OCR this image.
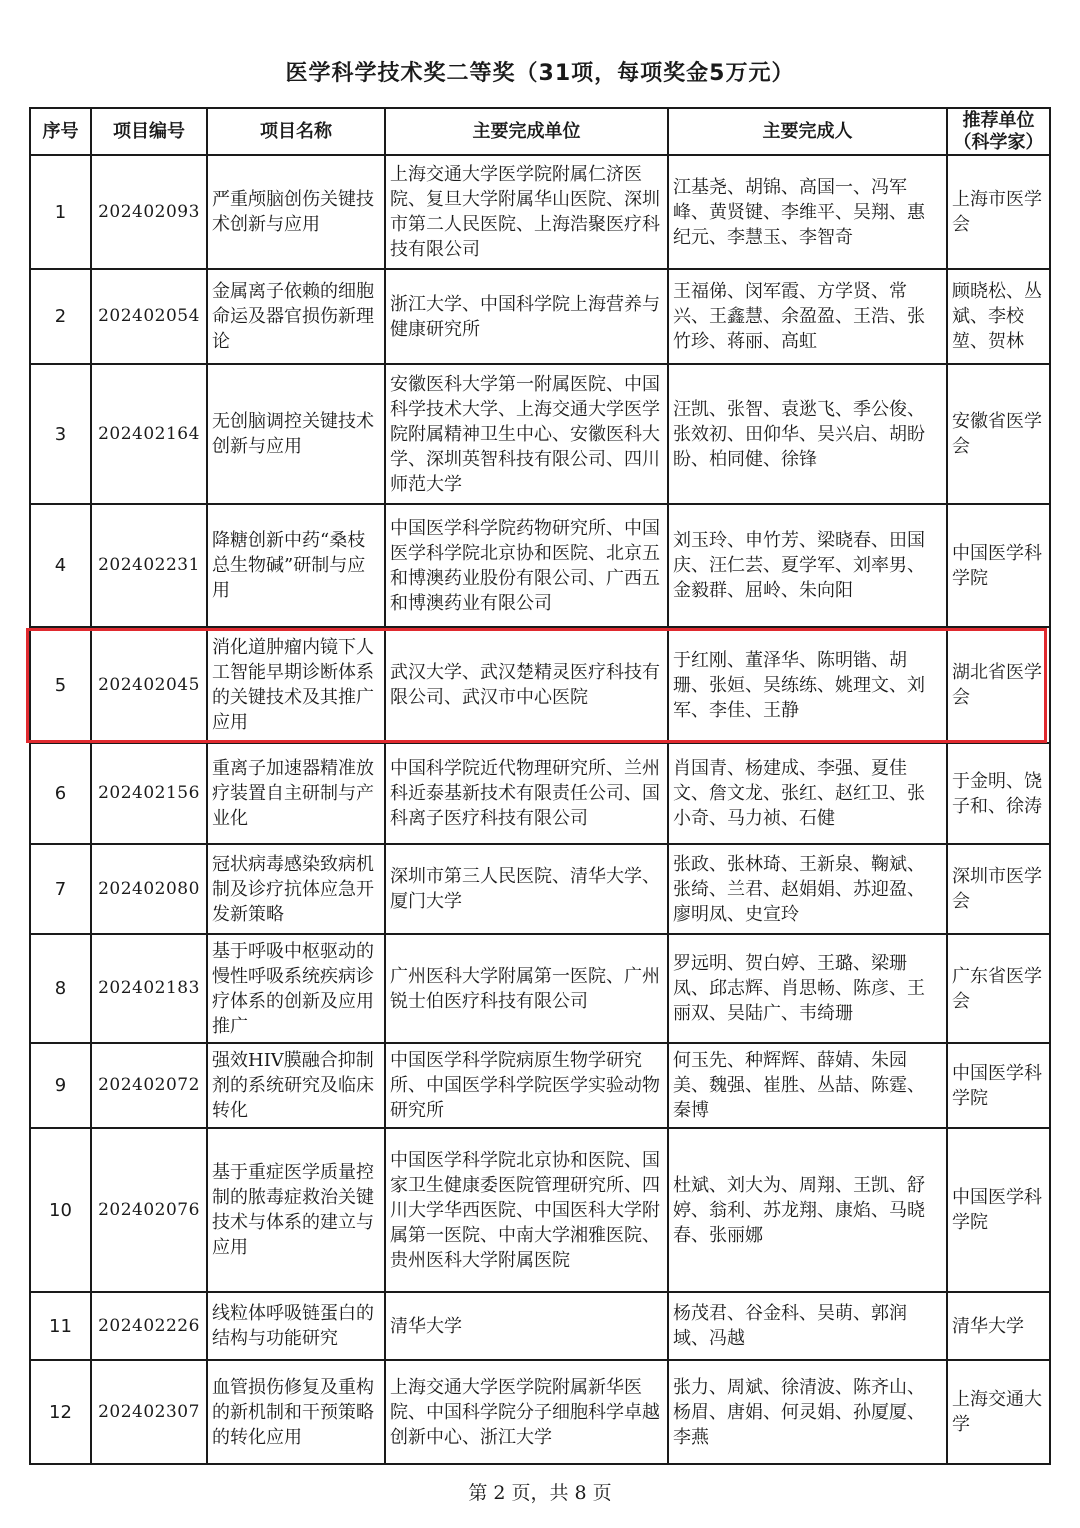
医学科学技术奖二等奖（31项，每项奖金5万元）
序号	项目编号	项目名称	主要完成单位	主要完成人	推荐单位（科学家）
1	202402093	严重颅脑创伤关键技术创新与应用	上海交通大学医学院附属仁济医院、复旦大学附属华山医院、深圳市第二人民医院、上海浩聚医疗科技有限公司	江基尧、胡锦、高国一、冯军峰、黄贤键、李维平、吴翔、惠纪元、李慧玉、李智奇	上海市医学会
2	202402054	金属离子依赖的细胞命运及器官损伤新理论	浙江大学、中国科学院上海营养与健康研究所	王福俤、闵军霞、方学贤、常兴、王鑫慧、余盈盈、王浩、张竹珍、蒋丽、高虹	顾晓松、丛斌、李校堃、贺林
3	202402164	无创脑调控关键技术创新与应用	安徽医科大学第一附属医院、中国科学技术大学、上海交通大学医学院附属精神卫生中心、安徽医科大学、深圳英智科技有限公司、四川师范大学	汪凯、张智、袁逖飞、季公俊、张效初、田仰华、吴兴启、胡盼盼、柏同健、徐锋	安徽省医学会
4	202402231	降糖创新中药“桑枝总生物碱”研制与应用	中国医学科学院药物研究所、中国医学科学院北京协和医院、北京五和博澳药业股份有限公司、广西五和博澳药业有限公司	刘玉玲、申竹芳、梁晓春、田国庆、汪仁芸、夏学军、刘率男、金毅群、屈岭、朱向阳	中国医学科学院
5	202402045	消化道肿瘤内镜下人工智能早期诊断体系的关键技术及其推广应用	武汉大学、武汉楚精灵医疗科技有限公司、武汉市中心医院	于红刚、董泽华、陈明锴、胡珊、张姮、吴练练、姚理文、刘军、李佳、王静	湖北省医学会
6	202402156	重离子加速器精准放疗装置自主研制与产业化	中国科学院近代物理研究所、兰州科近泰基新技术有限责任公司、国科离子医疗科技有限公司	肖国青、杨建成、李强、夏佳文、詹文龙、张红、赵红卫、张小奇、马力祯、石健	于金明、饶子和、徐涛
7	202402080	冠状病毒感染致病机制及诊疗抗体应急开发新策略	深圳市第三人民医院、清华大学、厦门大学	张政、张林琦、王新泉、鞠斌、张绮、兰君、赵娟娟、苏迎盈、廖明凤、史宣玲	深圳市医学会
8	202402183	基于呼吸中枢驱动的慢性呼吸系统疾病诊疗体系的创新及应用推广	广州医科大学附属第一医院、广州锐士伯医疗科技有限公司	罗远明、贺白婷、王璐、梁珊凤、邱志辉、肖思畅、陈彦、王丽双、吴陆广、韦绮珊	广东省医学会
9	202402072	强效HIV膜融合抑制剂的系统研究及临床转化	中国医学科学院病原生物学研究所、中国医学科学院医学实验动物研究所	何玉先、种辉辉、薛婧、朱园美、魏强、崔胜、丛喆、陈霆、秦博	中国医学科学院
10	202402076	基于重症医学质量控制的脓毒症救治关键技术与体系的建立与应用	中国医学科学院北京协和医院、国家卫生健康委医院管理研究所、四川大学华西医院、中国医科大学附属第一医院、中南大学湘雅医院、贵州医科大学附属医院	杜斌、刘大为、周翔、王凯、舒婷、翁利、苏龙翔、康焰、马晓春、张丽娜	中国医学科学院
11	202402226	线粒体呼吸链蛋白的结构与功能研究	清华大学	杨茂君、谷金科、吴萌、郭润域、冯越	清华大学
12	202402307	血管损伤修复及重构的新机制和干预策略的转化应用	上海交通大学医学院附属新华医院、中国科学院分子细胞科学卓越创新中心、浙江大学	张力、周斌、徐清波、陈齐山、杨眉、唐娟、何灵娟、孙厦厦、李燕	上海交通大学
第 2 页，共 8 页
